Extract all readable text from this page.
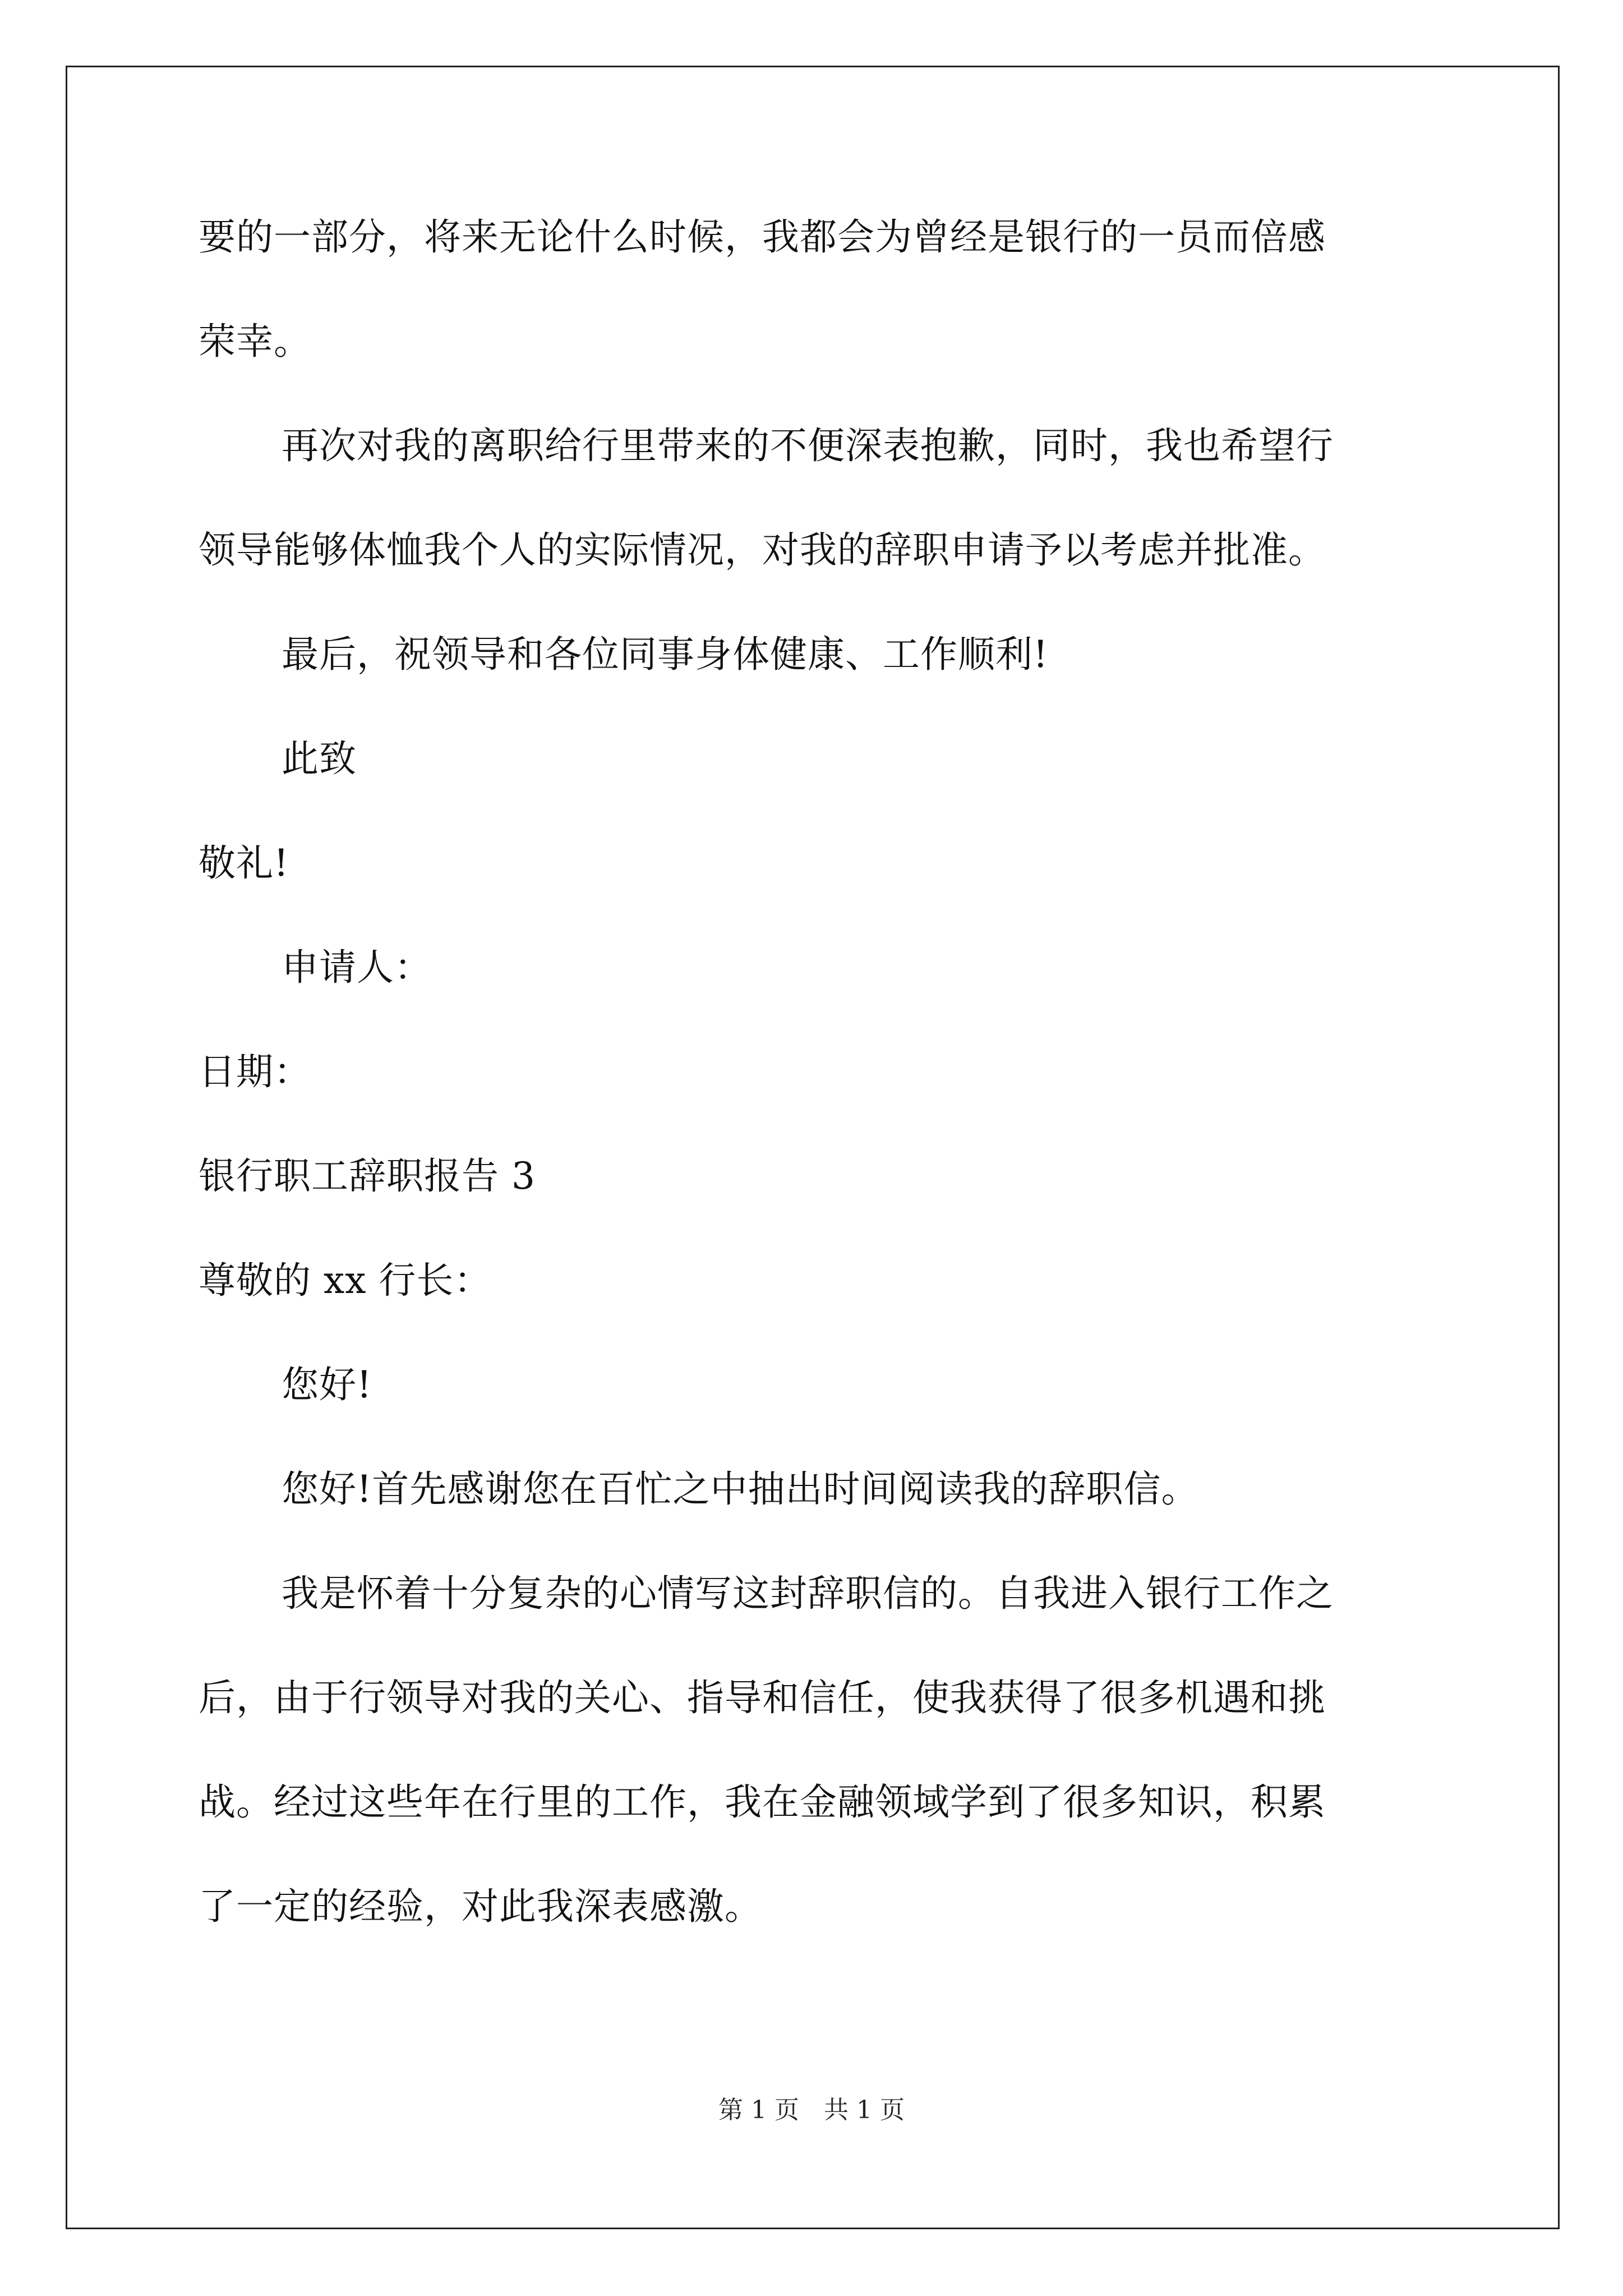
要的一部分，将来无论什么时候，我都会为曾经是银行的一员而倍感

荣幸。

再次对我的离职给行里带来的不便深表抱歉，同时，我也希望行

领导能够体恤我个人的实际情况，对我的辞职申请予以考虑并批准。

最后，祝领导和各位同事身体健康、工作顺利!

此致

敬礼!

申请人：

日期：

银行职工辞职报告 3

尊敬的 xx 行长：

您好!

您好!首先感谢您在百忙之中抽出时间阅读我的辞职信。

我是怀着十分复杂的心情写这封辞职信的。自我进入银行工作之

后，由于行领导对我的关心、指导和信任，使我获得了很多机遇和挑

战。经过这些年在行里的工作，我在金融领域学到了很多知识，积累

了一定的经验，对此我深表感激。

第 1 页　共 1 页
